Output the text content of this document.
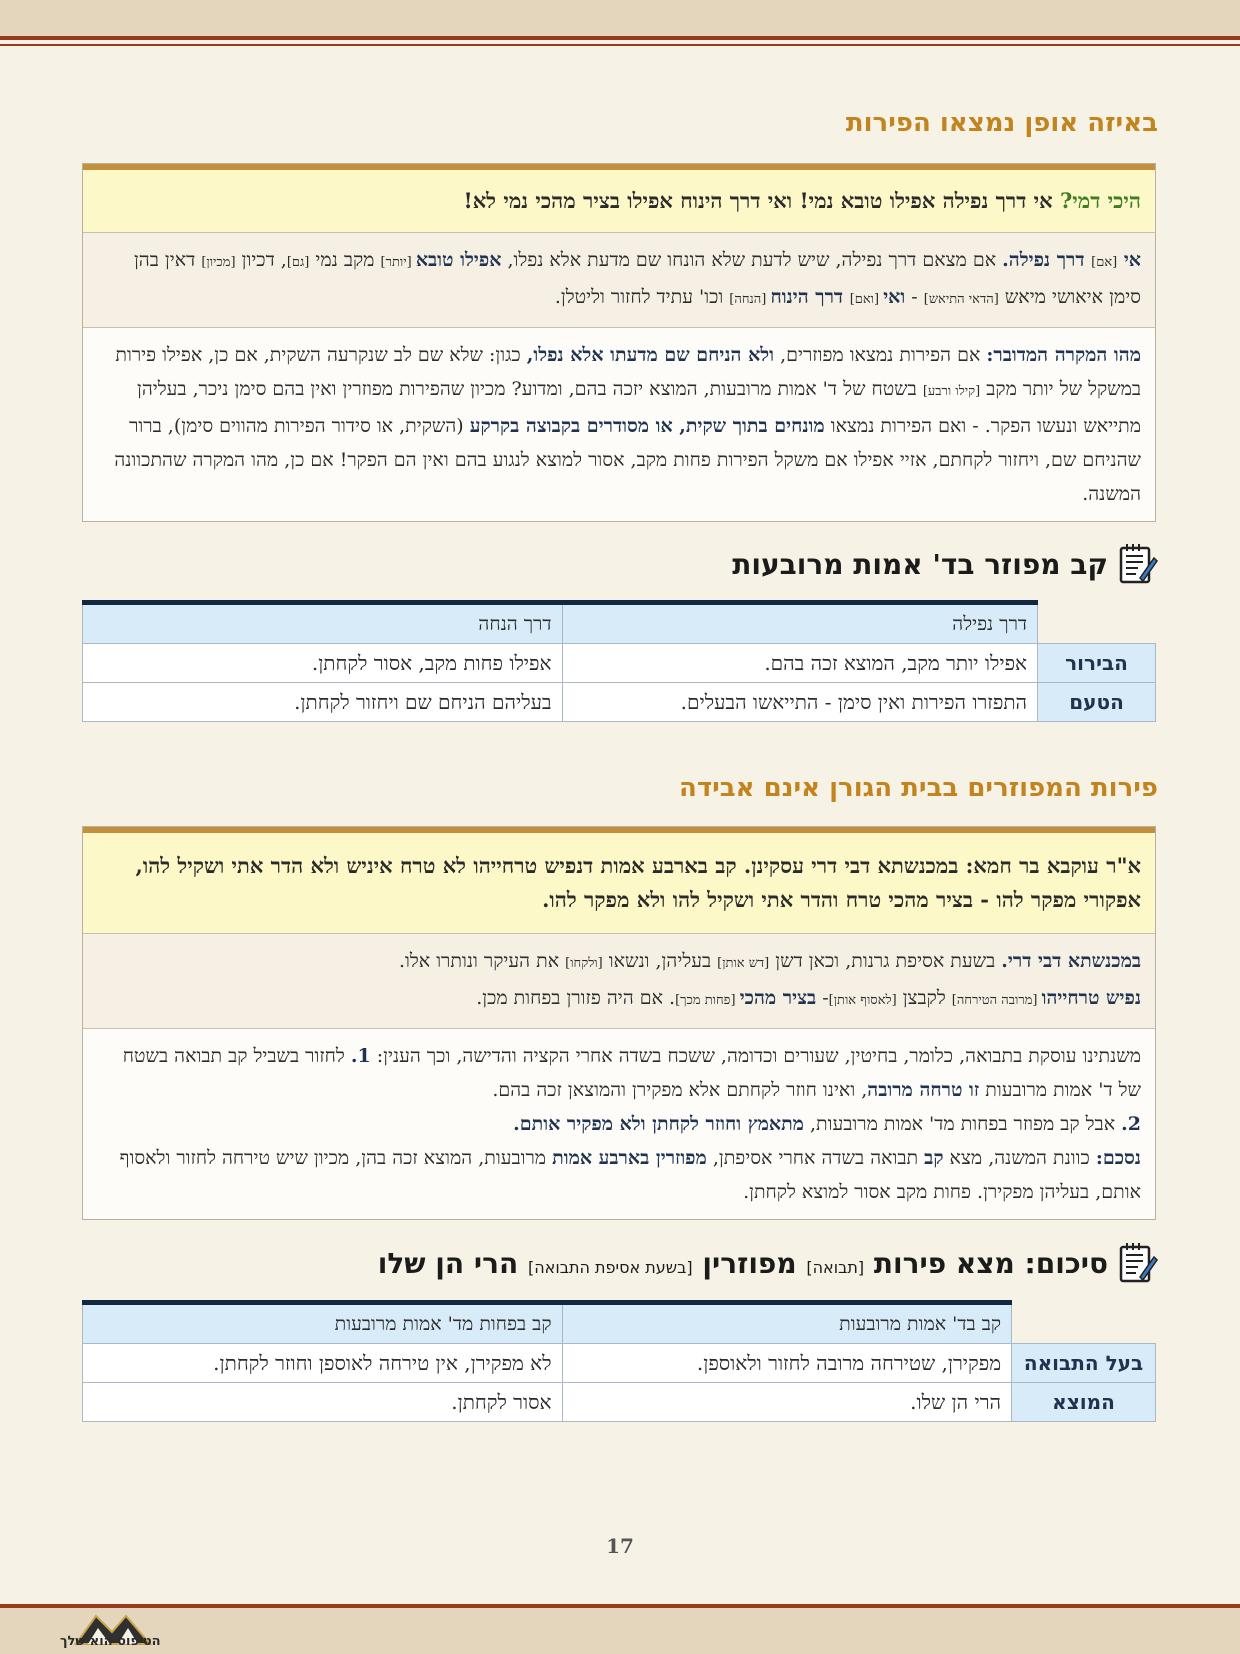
באיזה אופן נמצאו הפירות
היכי דמי? אי דרך נפילה אפילו טובא נמי! ואי דרך הינוח אפילו בציר מהכי נמי לא!
אי [אם] דרך נפילה. אם מצאם דרך נפילה, שיש לדעת שלא הונחו שם מדעת אלא נפלו, אפילו טובא [יותר] מקב נמי [גם], דכיון [מכיון] דאין בהן סימן איאושי מיאש [הדאי התיאש] - ואי [ואם] דרך הינוח [הנחה] וכו' עתיד לחזור וליטלן.
מהו המקרה המדובר: אם הפירות נמצאו מפוזרים, ולא הניחם שם מדעתו אלא נפלו, כגון: שלא שם לב שנקרעה השקית, אם כן, אפילו פירות במשקל של יותר מקב [קילו ורבע] בשטח של ד' אמות מרובעות, המוצא יזכה בהם, ומדוע? מכיון שהפירות מפוזרין ואין בהם סימן ניכר, בעליהן מתייאש ונעשו הפקר. - ואם הפירות נמצאו מונחים בתוך שקית, או מסודרים בקבוצה בקרקע (השקית, או סידור הפירות מהווים סימן), ברור שהניחם שם, ויחזור לקחתם, אזיי אפילו אם משקל הפירות פחות מקב, אסור למוצא לנגוע בהם ואין הם הפקר! אם כן, מהו המקרה שהתכוונה המשנה.
קב מפוזר בד' אמות מרובעות
	דרך נפילה	דרך הנחה
הבירור	אפילו יותר מקב, המוצא זכה בהם.	אפילו פחות מקב, אסור לקחתן.
הטעם	התפזרו הפירות ואין סימן - התייאשו הבעלים.	בעליהם הניחם שם ויחזור לקחתן.
פירות המפוזרים בבית הגורן אינם אבידה
א"ר עוקבא בר חמא: במכנשתא דבי דרי עסקינן. קב בארבע אמות דנפיש טרחייהו לא טרח איניש ולא הדר אתי ושקיל להו, אפקורי מפקר להו - בציר מהכי טרח והדר אתי ושקיל להו ולא מפקר להו.
במכנשתא דבי דרי. בשעת אסיפת גרנות, וכאן דשן [דש אותן] בעליהן, ונשאו [ולקחו] את העיקר ונותרו אלו.
נפיש טרחייהו [מרובה הטירחה] לקבצן [לאסוף אותן]- בציר מהכי [פחות מכך]. אם היה פזורן בפחות מכן.
משנתינו עוסקת בתבואה, כלומר, בחיטין, שעורים וכדומה, ששכח בשדה אחרי הקציה והדישה, וכך הענין: 1. לחזור בשביל קב תבואה בשטח של ד' אמות מרובעות זו טרחה מרובה, ואינו חוזר לקחתם אלא מפקירן והמוצאן זכה בהם.
2. אבל קב מפוזר בפחות מד' אמות מרובעות, מתאמץ וחוזר לקחתן ולא מפקיר אותם.
נסכם: כוונת המשנה, מצא קב תבואה בשדה אחרי אסיפתן, מפוזרין בארבע אמות מרובעות, המוצא זכה בהן, מכיון שיש טירחה לחזור ולאסוף אותם, בעליהן מפקירן. פחות מקב אסור למוצא לקחתן.
סיכום: מצא פירות [תבואה] מפוזרין [בשעת אסיפת התבואה] הרי הן שלו
	קב בד' אמות מרובעות	קב בפחות מד' אמות מרובעות
בעל התבואה	מפקירן, שטירחה מרובה לחזור ולאוספן.	לא מפקירן, אין טירחה לאוספן וחוזר לקחתן.
המוצא	הרי הן שלו.	אסור לקחתן.
17
הטיפוס הוא שלך
